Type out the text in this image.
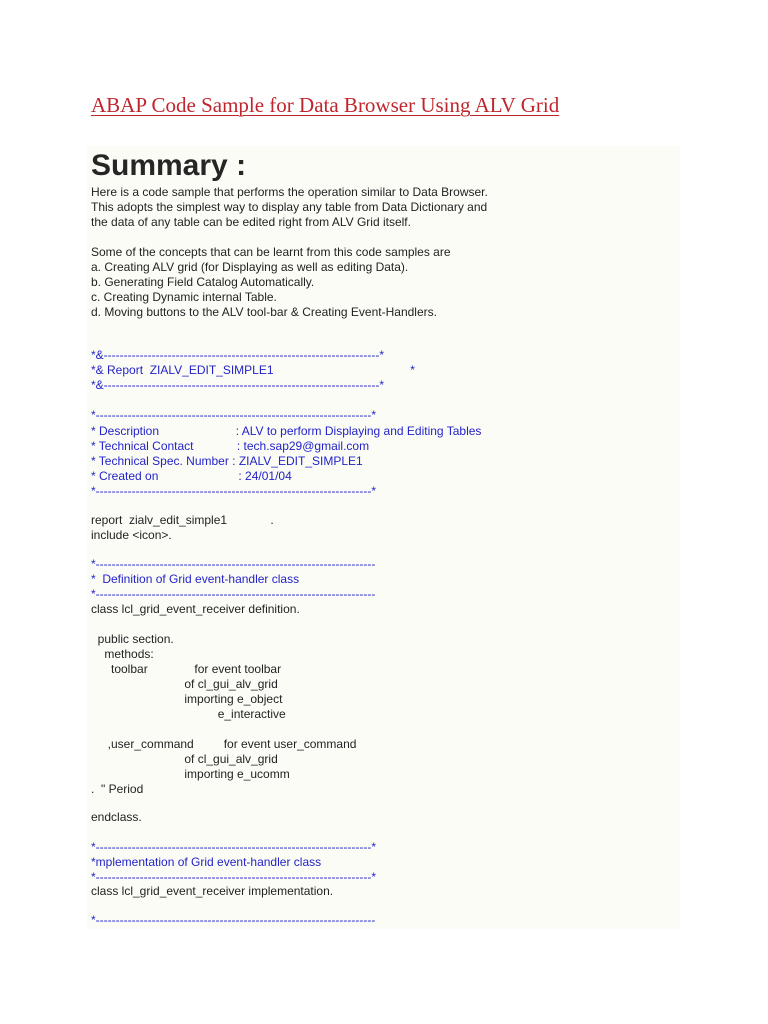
ABAP Code Sample for Data Browser Using ALV Grid
Summary :

Here is a code sample that performs the operation similar to Data Browser.

This adopts the simplest way to display any table from Data Dictionary and

the data of any table can be edited right from ALV Grid itself.

Some of the concepts that can be learnt from this code samples are

a. Creating ALV grid (for Displaying as well as editing Data).

b. Generating Field Catalog Automatically.

c. Creating Dynamic internal Table.

d. Moving buttons to the ALV tool-bar & Creating Event-Handlers.

*&---------------------------------------------------------------------*

*& Report  ZIALV_EDIT_SIMPLE1                                         *

*&---------------------------------------------------------------------*

*---------------------------------------------------------------------*

* Description                       : ALV to perform Displaying and Editing Tables

* Technical Contact             : tech.sap29@gmail.com

* Technical Spec. Number : ZIALV_EDIT_SIMPLE1

* Created on                        : 24/01/04

*---------------------------------------------------------------------*

report  zialv_edit_simple1             .

include <icon>.

*----------------------------------------------------------------------

*  Definition of Grid event-handler class

*----------------------------------------------------------------------

class lcl_grid_event_receiver definition.

public section.

methods:

toolbar              for event toolbar

of cl_gui_alv_grid

importing e_object

e_interactive

,user_command         for event user_command

of cl_gui_alv_grid

importing e_ucomm

.  " Period

endclass.

*---------------------------------------------------------------------*

*mplementation of Grid event-handler class

*---------------------------------------------------------------------*

class lcl_grid_event_receiver implementation.

*----------------------------------------------------------------------
